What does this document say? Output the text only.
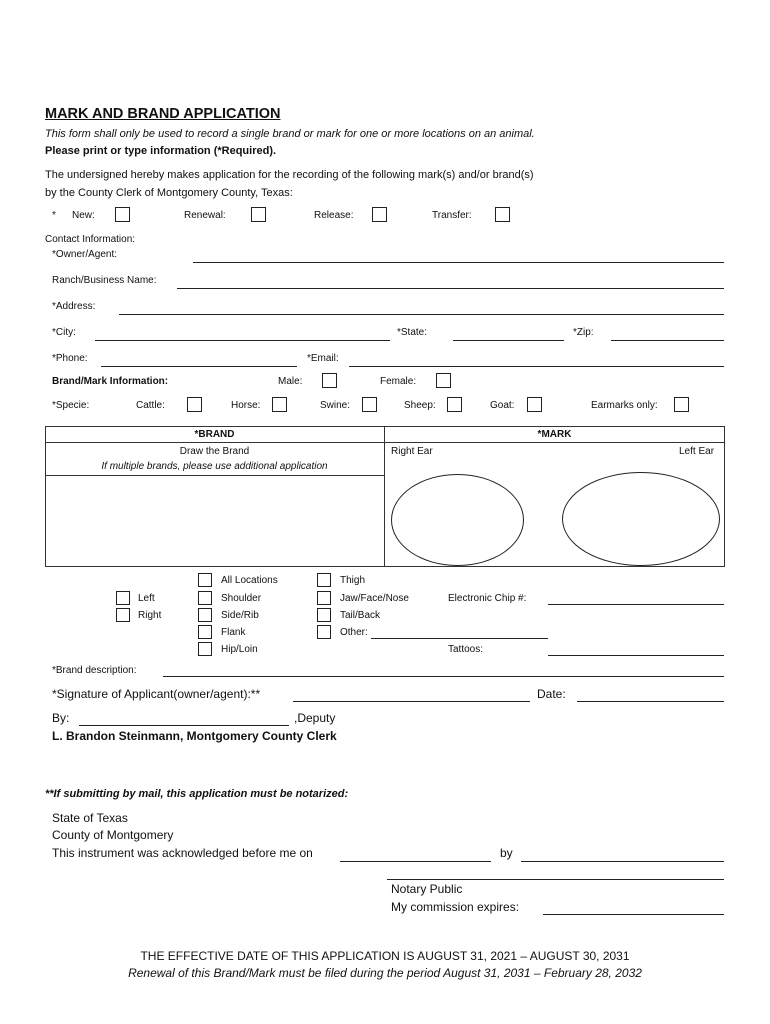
MARK AND BRAND APPLICATION
This form shall only be used to record a single brand or mark for one or more locations on an animal.
Please print or type information (*Required).
The undersigned hereby makes application for the recording of the following mark(s) and/or brand(s)
by the County Clerk of Montgomery County, Texas:
* New:	Renewal:	Release:	Transfer:
Contact Information:
*Owner/Agent:
Ranch/Business Name:
*Address:
*City:	*State:	*Zip:
*Phone:	*Email:
Brand/Mark Information:	Male:	Female:
*Specie:	Cattle:	Horse:	Swine:	Sheep:	Goat:	Earmarks only:
*BRAND	*MARK
Draw the Brand
If multiple brands, please use additional application
Right Ear	Left Ear
Left
Right
All Locations
Shoulder
Side/Rib
Flank
Hip/Loin
Thigh
Jaw/Face/Nose
Tail/Back
Other:
Electronic Chip #:
Tattoos:
*Brand description:
*Signature of Applicant(owner/agent):**	Date:
By:	,Deputy
L. Brandon Steinmann, Montgomery County Clerk
**If submitting by mail, this application must be notarized:
State of Texas
County of Montgomery
This instrument was acknowledged before me on	by
Notary Public
My commission expires:
THE EFFECTIVE DATE OF THIS APPLICATION IS AUGUST 31, 2021 – AUGUST 30, 2031
Renewal of this Brand/Mark must be filed during the period August 31, 2031 – February 28, 2032
